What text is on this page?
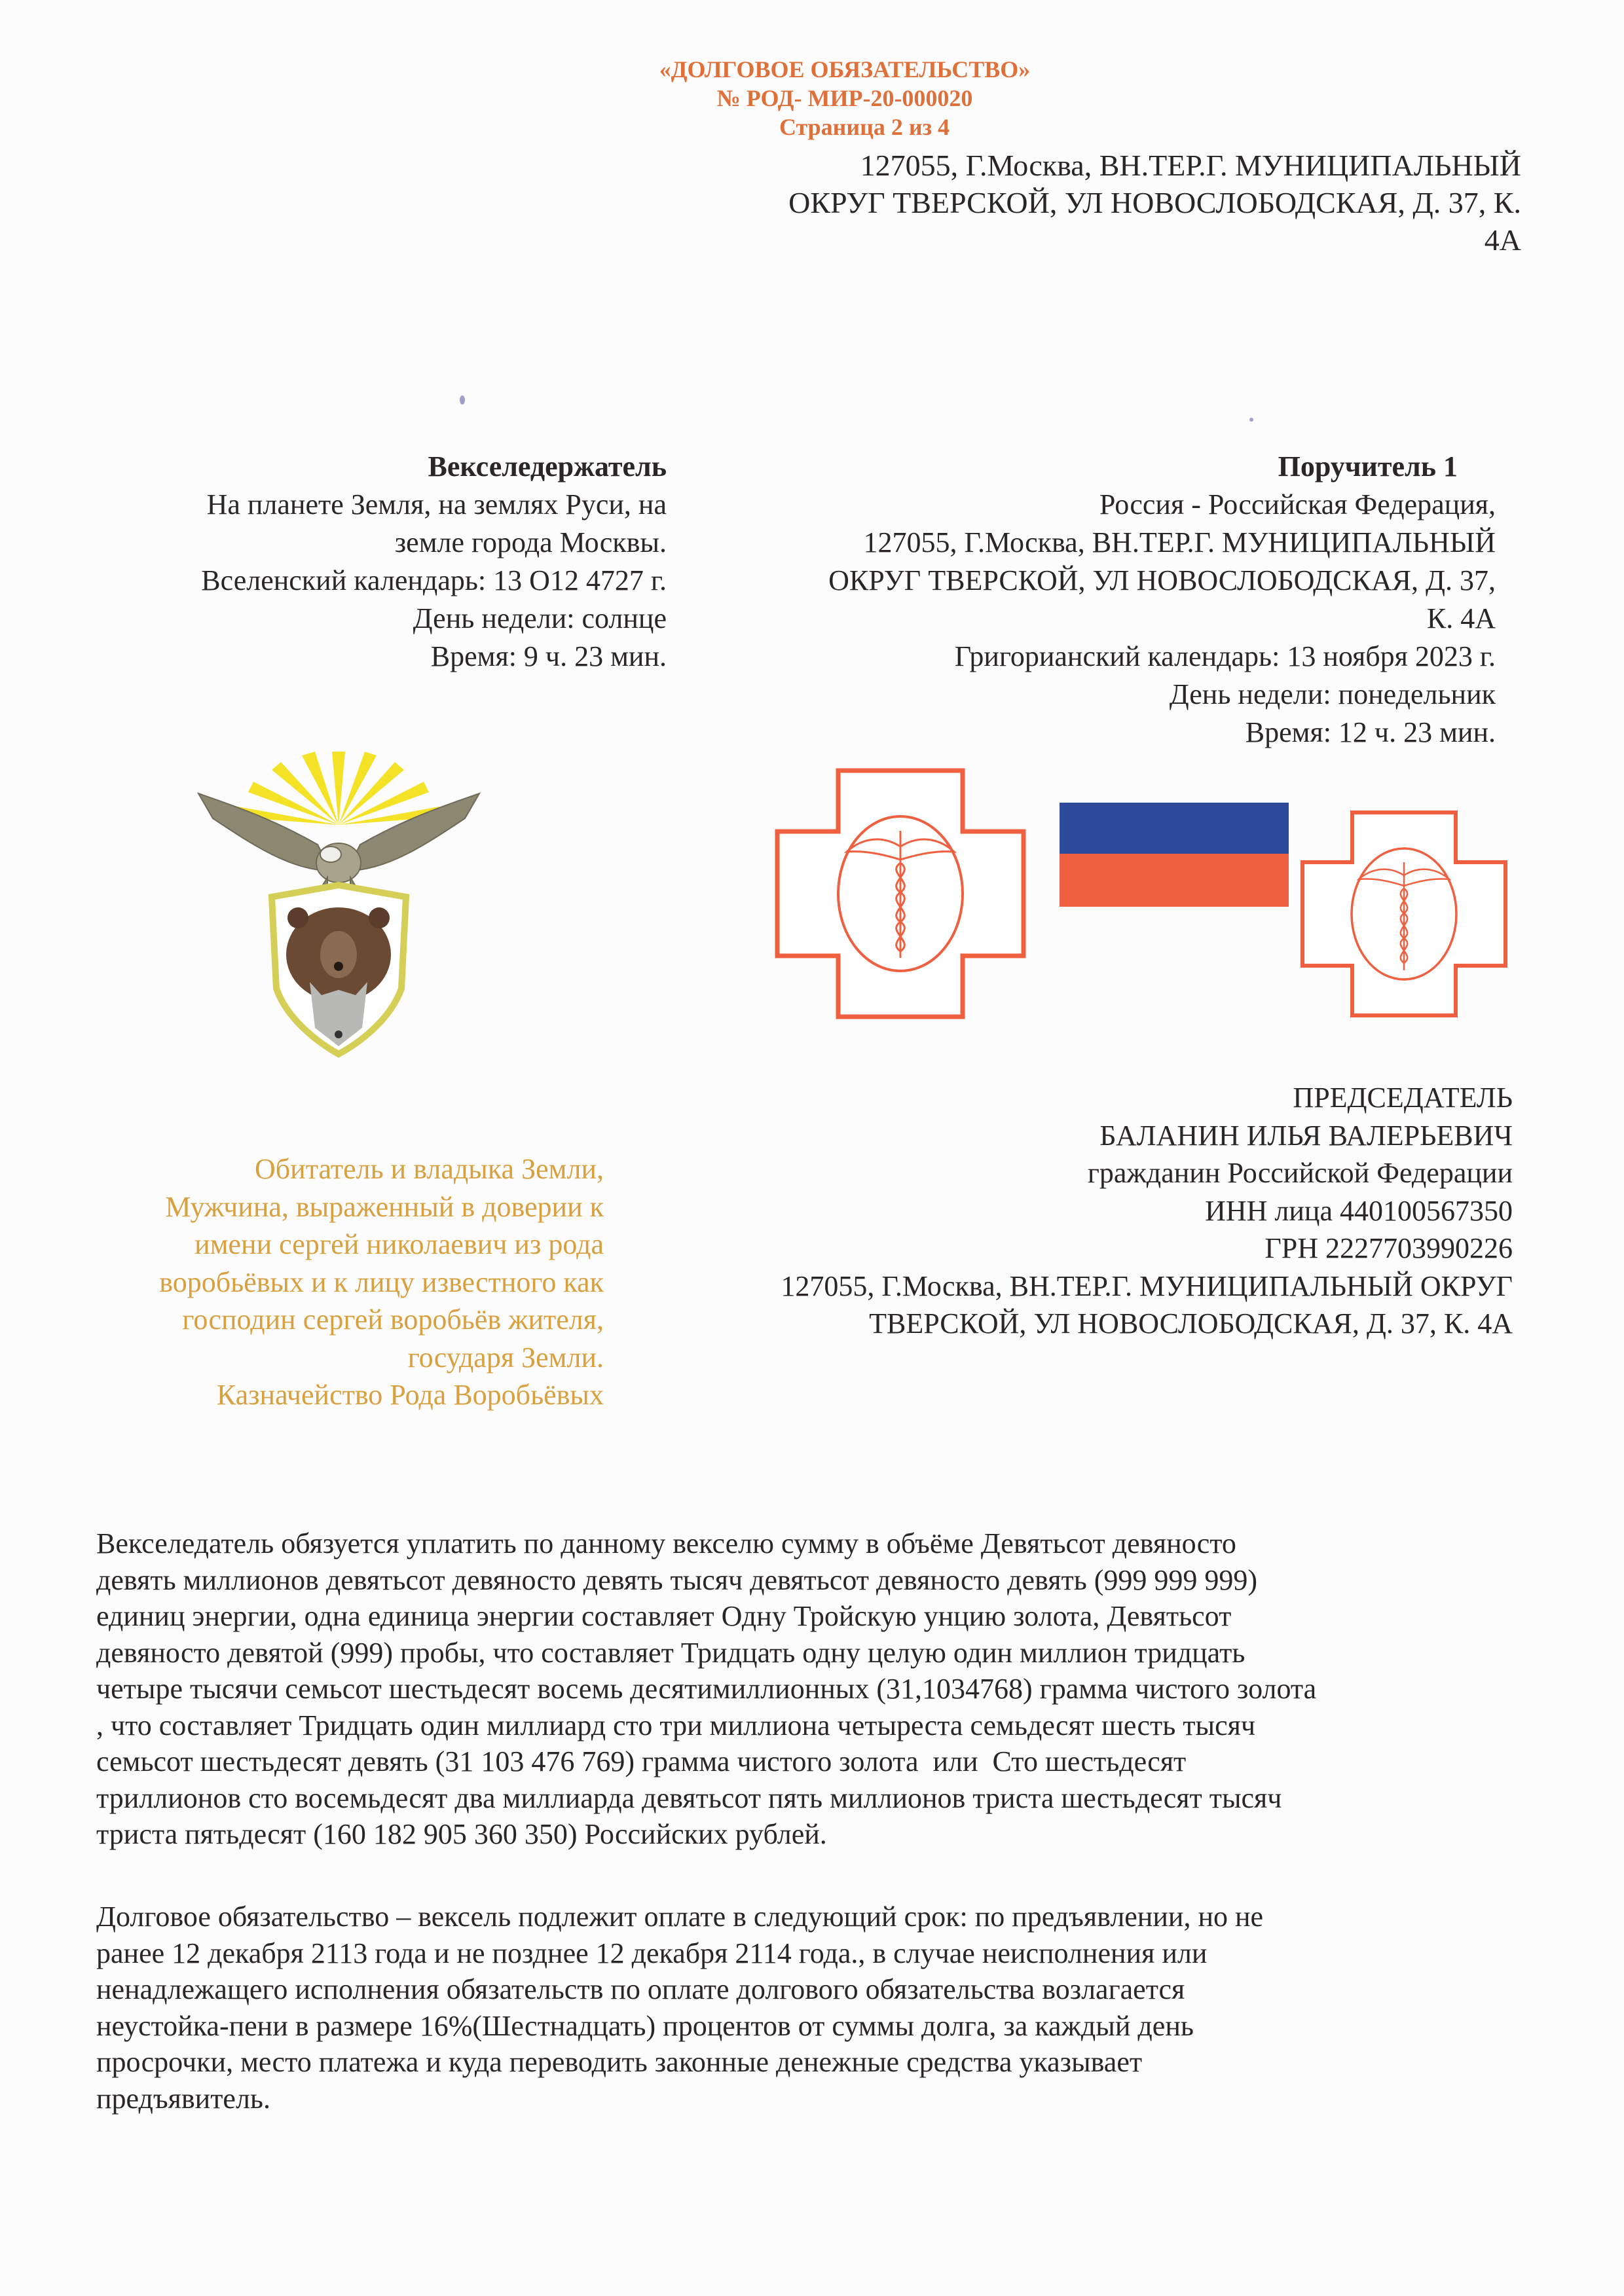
«ДОЛГОВОЕ ОБЯЗАТЕЛЬСТВО»
№ РОД- МИР-20-000020
Страница 2 из 4
127055, Г.Москва, ВН.ТЕР.Г. МУНИЦИПАЛЬНЫЙ
ОКРУГ ТВЕРСКОЙ, УЛ НОВОСЛОБОДСКАЯ, Д. 37, К.
4А
Векселедержатель
На планете Земля, на землях Руси, на
земле города Москвы.
Вселенский календарь: 13 О12 4727 г.
День недели: солнце
Время: 9 ч. 23 мин.
Поручитель 1
Россия - Российская Федерация,
127055, Г.Москва, ВН.ТЕР.Г. МУНИЦИПАЛЬНЫЙ
ОКРУГ ТВЕРСКОЙ, УЛ НОВОСЛОБОДСКАЯ, Д. 37,
К. 4А
Григорианский календарь: 13 ноября 2023 г.
День недели: понедельник
Время: 12 ч. 23 мин.
Обитатель и владыка Земли,
Мужчина, выраженный в доверии к
имени сергей николаевич из рода
воробьёвых и к лицу известного как
господин сергей воробьёв жителя,
государя Земли.
Казначейство Рода Воробьёвых
ПРЕДСЕДАТЕЛЬ
БАЛАНИН ИЛЬЯ ВАЛЕРЬЕВИЧ
гражданин Российской Федерации
ИНН лица 440100567350
ГРН 2227703990226
127055, Г.Москва, ВН.ТЕР.Г. МУНИЦИПАЛЬНЫЙ ОКРУГ
ТВЕРСКОЙ, УЛ НОВОСЛОБОДСКАЯ, Д. 37, К. 4А
Векселедатель обязуется уплатить по данному векселю сумму в объёме Девятьсот девяносто
девять миллионов девятьсот девяносто девять тысяч девятьсот девяносто девять (999 999 999)
единиц энергии, одна единица энергии составляет Одну Тройскую унцию золота, Девятьсот
девяносто девятой (999) пробы, что составляет Тридцать одну целую один миллион тридцать
четыре тысячи семьсот шестьдесят восемь десятимиллионных (31,1034768) грамма чистого золота
, что составляет Тридцать один миллиард сто три миллиона четыреста семьдесят шесть тысяч
семьсот шестьдесят девять (31 103 476 769) грамма чистого золота  или  Сто шестьдесят
триллионов сто восемьдесят два миллиарда девятьсот пять миллионов триста шестьдесят тысяч
триста пятьдесят (160 182 905 360 350) Российских рублей.
Долговое обязательство – вексель подлежит оплате в следующий срок: по предъявлении, но не
ранее 12 декабря 2113 года и не позднее 12 декабря 2114 года., в случае неисполнения или
ненадлежащего исполнения обязательств по оплате долгового обязательства возлагается
неустойка-пени в размере 16%(Шестнадцать) процентов от суммы долга, за каждый день
просрочки, место платежа и куда переводить законные денежные средства указывает
предъявитель.
